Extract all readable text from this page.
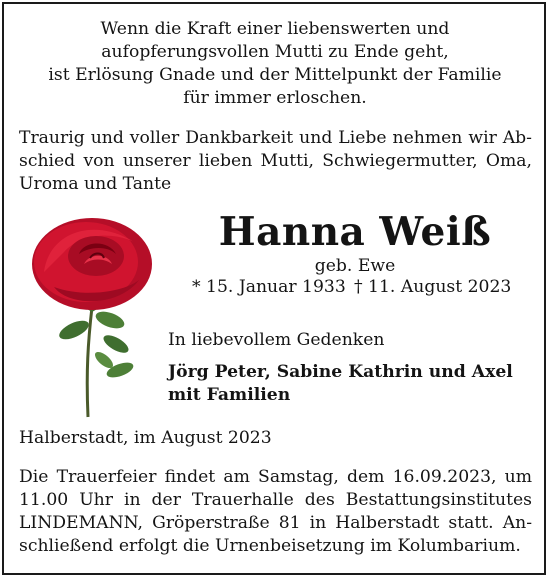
Wenn die Kraft einer liebenswerten und
aufopferungsvollen Mutti zu Ende geht,
ist Erlösung Gnade und der Mittelpunkt der Familie
für immer erloschen.
Traurig und voller Dankbarkeit und Liebe nehmen wir Ab-
schied von unserer lieben Mutti, Schwiegermutter, Oma,
Uroma und Tante
Hanna Weiß
geb. Ewe
* 15. Januar 1933 † 11. August 2023
In liebevollem Gedenken
Jörg Peter, Sabine Kathrin und Axel
mit Familien
Halberstadt, im August 2023
Die Trauerfeier findet am Samstag, dem 16.09.2023, um
11.00 Uhr in der Trauerhalle des Bestattungsinstitutes
LINDEMANN, Gröperstraße 81 in Halberstadt statt. An-
schließend erfolgt die Urnenbeisetzung im Kolumbarium.
